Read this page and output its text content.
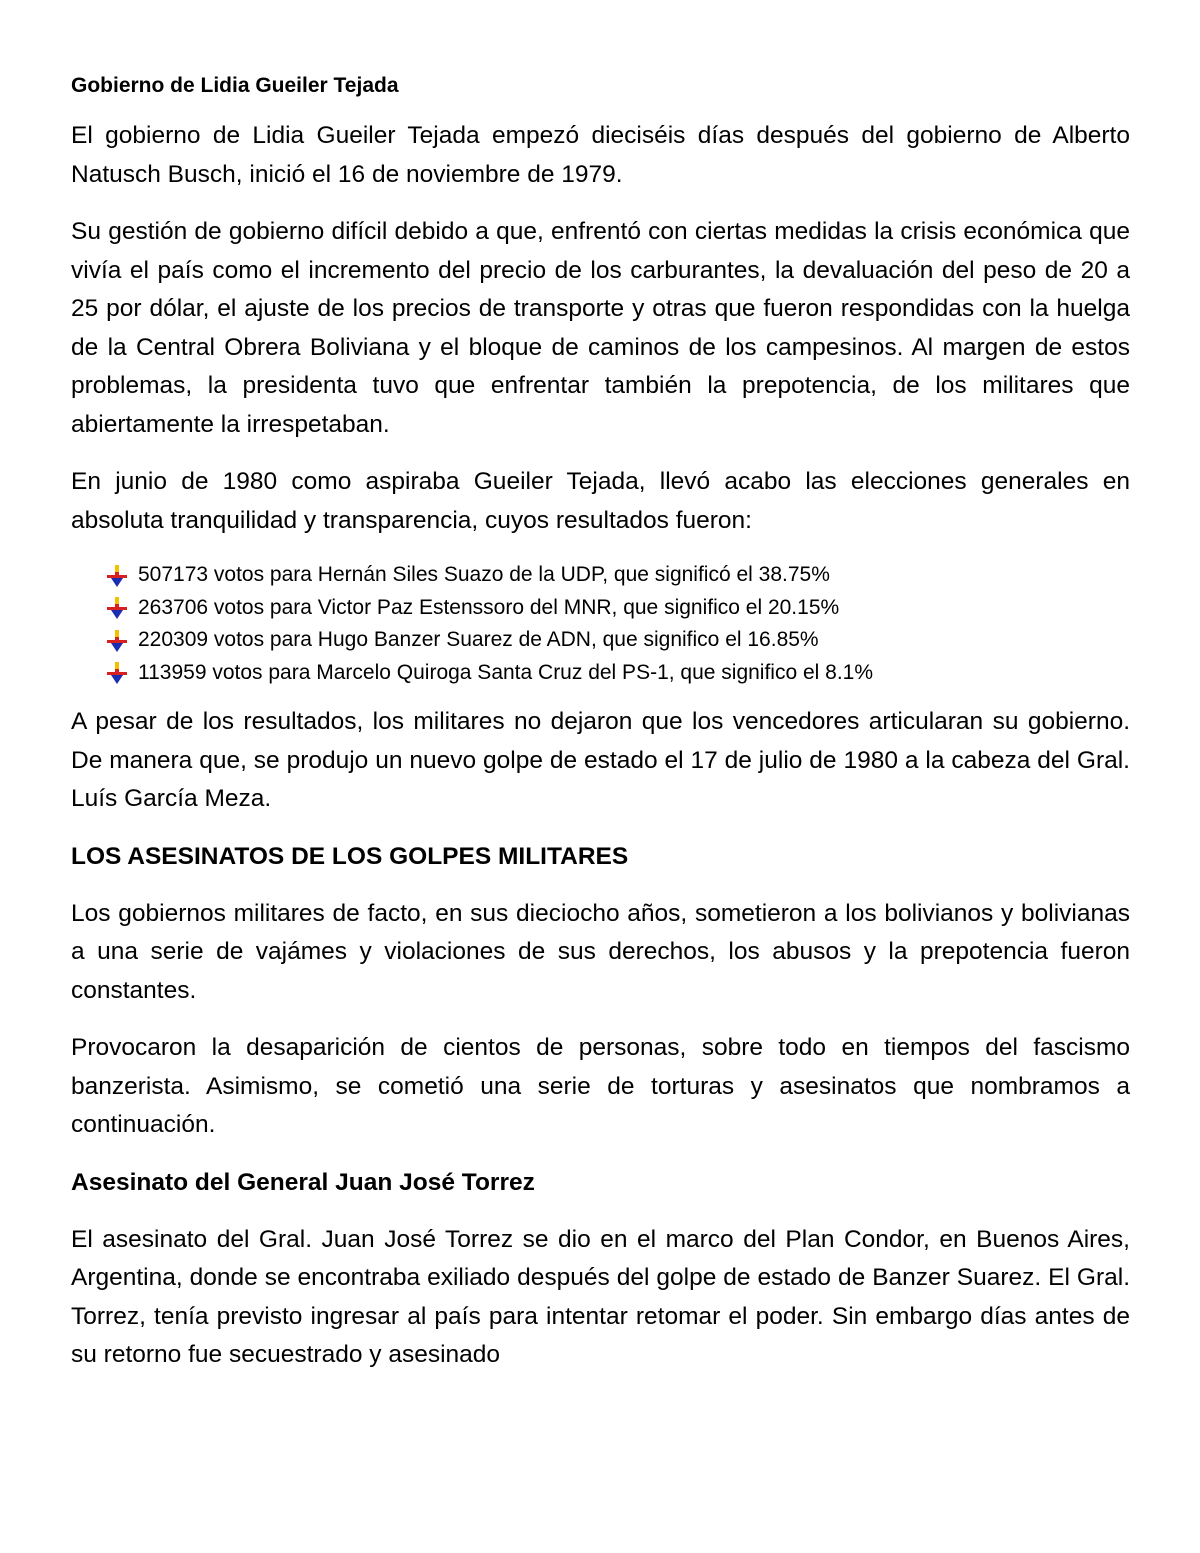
Gobierno de Lidia Gueiler Tejada

El gobierno de Lidia Gueiler Tejada empezó dieciséis días después del gobierno de Alberto Natusch Busch, inició el 16 de noviembre de 1979.

Su gestión de gobierno difícil debido a que, enfrentó con ciertas medidas la crisis económica que vivía el país como el incremento del precio de los carburantes, la devaluación del peso de 20 a 25 por dólar, el ajuste de los precios de transporte y otras que fueron respondidas con la huelga de la Central Obrera Boliviana y el bloque de caminos de los campesinos. Al margen de estos problemas, la presidenta tuvo que enfrentar también la prepotencia, de los militares que abiertamente la irrespetaban.

En junio de 1980 como aspiraba Gueiler Tejada, llevó acabo las elecciones generales en absoluta tranquilidad y transparencia, cuyos resultados fueron:

507173 votos para Hernán Siles Suazo de la UDP, que significó el 38.75%
263706 votos para Victor Paz Estenssoro del MNR, que significo el 20.15%
220309 votos para Hugo Banzer Suarez de ADN, que significo el 16.85%
113959 votos para Marcelo Quiroga Santa Cruz del PS-1, que significo el 8.1%

A pesar de los resultados, los militares no dejaron que los vencedores articularan su gobierno. De manera que, se produjo un nuevo golpe de estado el 17 de julio de 1980 a la cabeza del Gral. Luís García Meza.

LOS ASESINATOS DE LOS GOLPES MILITARES

Los gobiernos militares de facto, en sus dieciocho años, sometieron a los bolivianos y bolivianas a una serie de vajámes y violaciones de sus derechos, los abusos y la prepotencia fueron constantes.

Provocaron la desaparición de cientos de personas, sobre todo en tiempos del fascismo banzerista. Asimismo, se cometió una serie de torturas y asesinatos que nombramos a continuación.

Asesinato del General Juan José Torrez

El asesinato del Gral. Juan José Torrez se dio en el marco del Plan Condor, en Buenos Aires, Argentina, donde se encontraba exiliado después del golpe de estado de Banzer Suarez. El Gral. Torrez, tenía previsto ingresar al país para intentar retomar el poder. Sin embargo días antes de su retorno fue secuestrado y asesinado
